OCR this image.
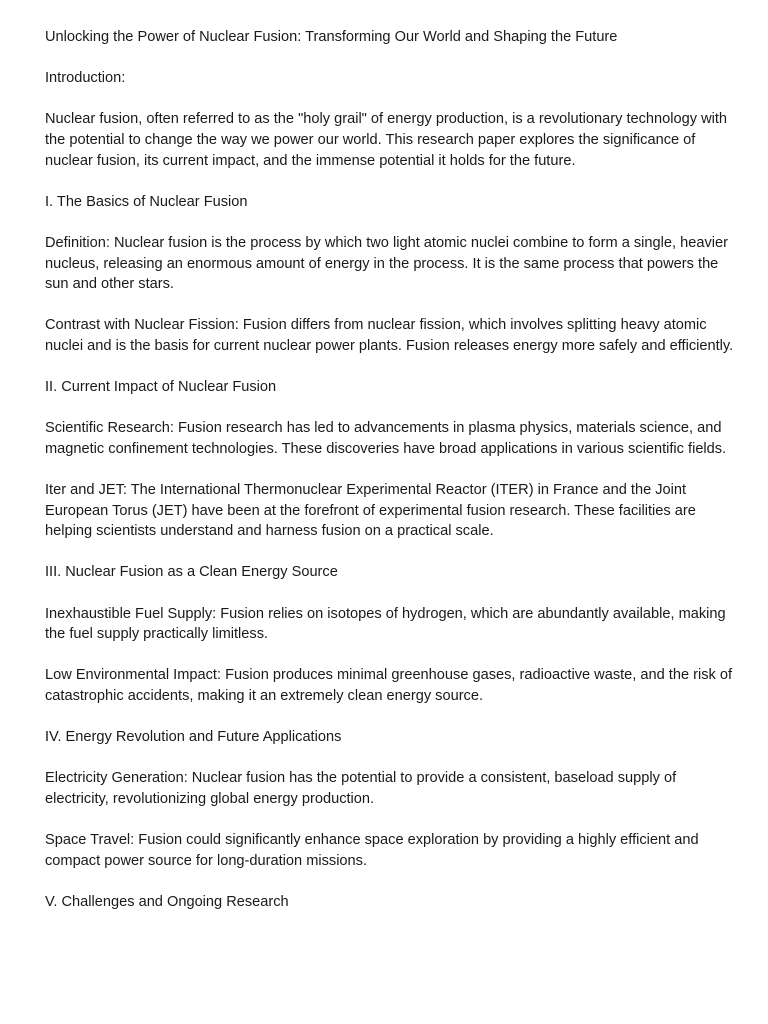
Unlocking the Power of Nuclear Fusion: Transforming Our World and Shaping the Future

Introduction:

Nuclear fusion, often referred to as the "holy grail" of energy production, is a revolutionary technology with the potential to change the way we power our world. This research paper explores the significance of nuclear fusion, its current impact, and the immense potential it holds for the future.

I. The Basics of Nuclear Fusion

Definition: Nuclear fusion is the process by which two light atomic nuclei combine to form a single, heavier nucleus, releasing an enormous amount of energy in the process. It is the same process that powers the sun and other stars.

Contrast with Nuclear Fission: Fusion differs from nuclear fission, which involves splitting heavy atomic nuclei and is the basis for current nuclear power plants. Fusion releases energy more safely and efficiently.

II. Current Impact of Nuclear Fusion

Scientific Research: Fusion research has led to advancements in plasma physics, materials science, and magnetic confinement technologies. These discoveries have broad applications in various scientific fields.

Iter and JET: The International Thermonuclear Experimental Reactor (ITER) in France and the Joint European Torus (JET) have been at the forefront of experimental fusion research. These facilities are helping scientists understand and harness fusion on a practical scale.

III. Nuclear Fusion as a Clean Energy Source

Inexhaustible Fuel Supply: Fusion relies on isotopes of hydrogen, which are abundantly available, making the fuel supply practically limitless.

Low Environmental Impact: Fusion produces minimal greenhouse gases, radioactive waste, and the risk of catastrophic accidents, making it an extremely clean energy source.

IV. Energy Revolution and Future Applications

Electricity Generation: Nuclear fusion has the potential to provide a consistent, baseload supply of electricity, revolutionizing global energy production.

Space Travel: Fusion could significantly enhance space exploration by providing a highly efficient and compact power source for long-duration missions.

V. Challenges and Ongoing Research
